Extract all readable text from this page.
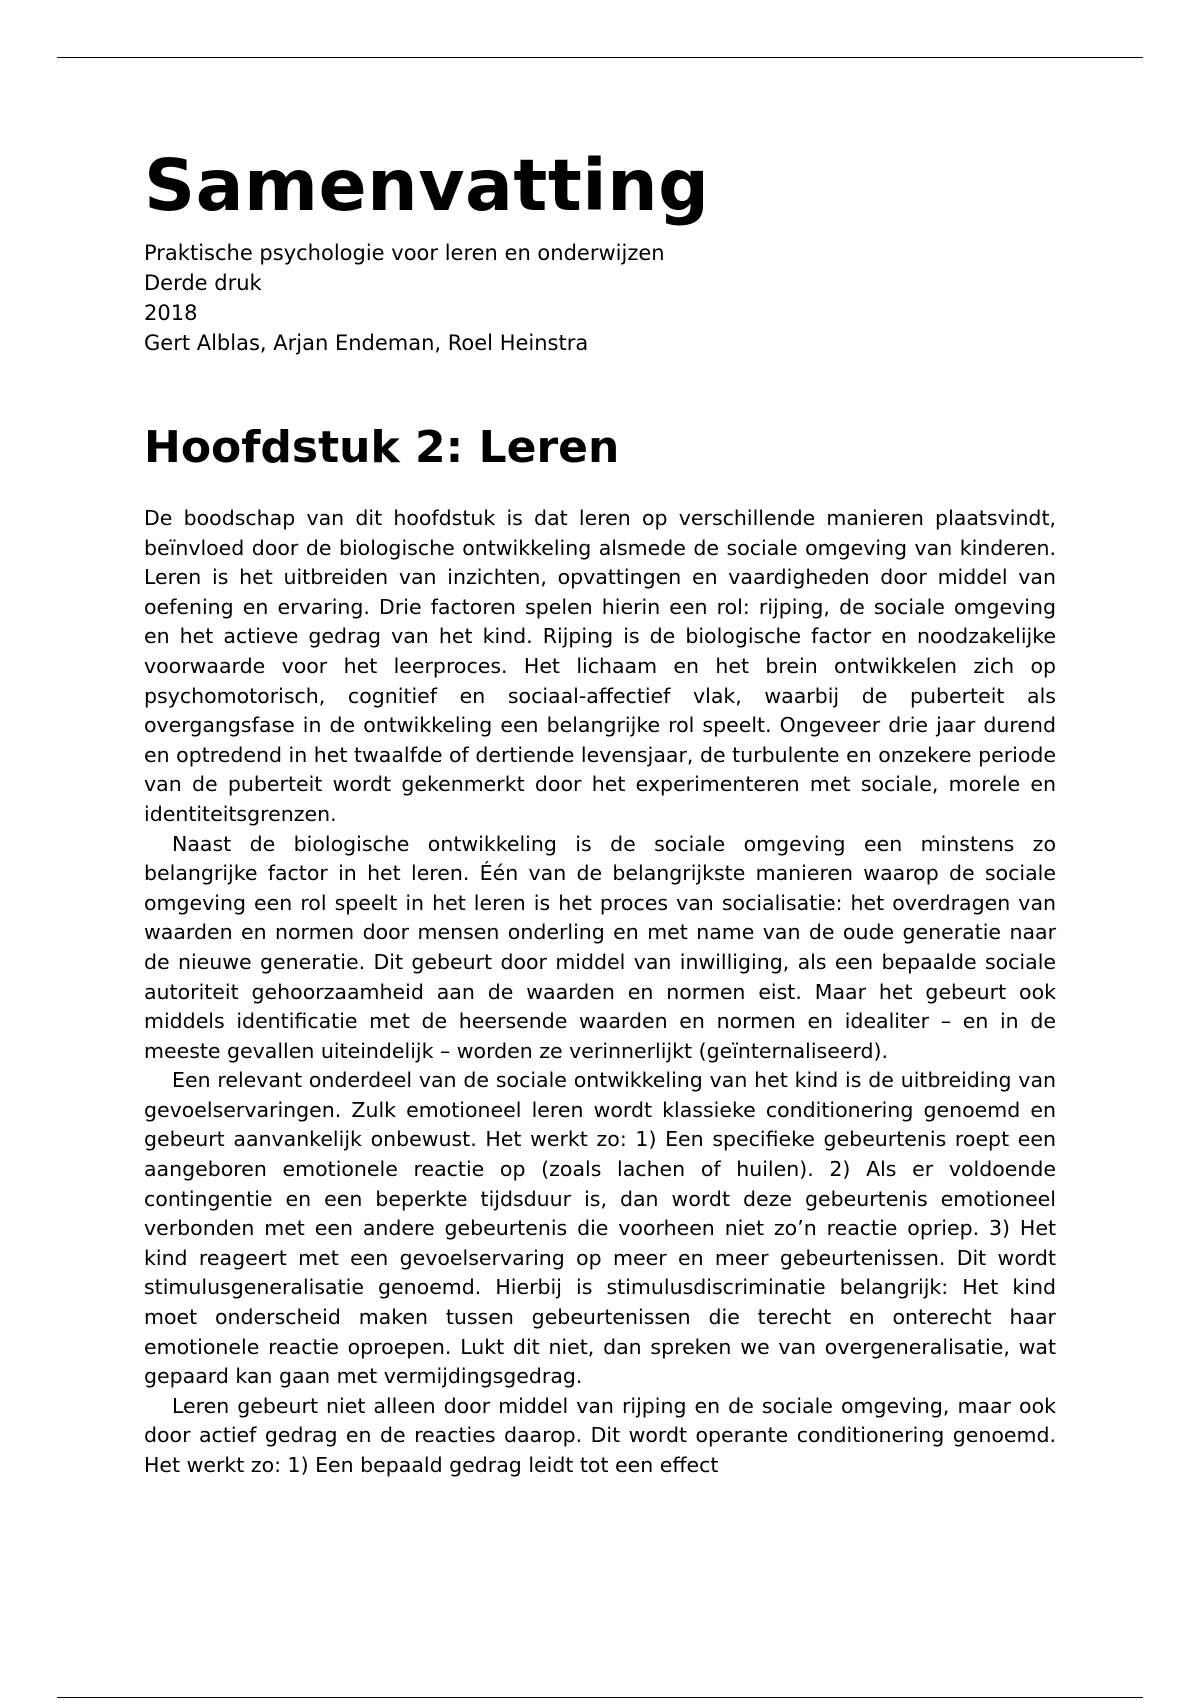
Samenvatting
Praktische psychologie voor leren en onderwijzen
Derde druk
2018
Gert Alblas, Arjan Endeman, Roel Heinstra
Hoofdstuk 2: Leren

De boodschap van dit hoofdstuk is dat leren op verschillende manieren plaatsvindt, beïnvloed door de biologische ontwikkeling alsmede de sociale omgeving van kinderen. Leren is het uitbreiden van inzichten, opvattingen en vaardigheden door middel van oefening en ervaring. Drie factoren spelen hierin een rol: rijping, de sociale omgeving en het actieve gedrag van het kind. Rijping is de biologische factor en noodzakelijke voorwaarde voor het leerproces. Het lichaam en het brein ontwikkelen zich op psychomotorisch, cognitief en sociaal-affectief vlak, waarbij de puberteit als overgangsfase in de ontwikkeling een belangrijke rol speelt. Ongeveer drie jaar durend en optredend in het twaalfde of dertiende levensjaar, de turbulente en onzekere periode van de puberteit wordt gekenmerkt door het experimenteren met sociale, morele en identiteitsgrenzen.

Naast de biologische ontwikkeling is de sociale omgeving een minstens zo belangrijke factor in het leren. Één van de belangrijkste manieren waarop de sociale omgeving een rol speelt in het leren is het proces van socialisatie: het overdragen van waarden en normen door mensen onderling en met name van de oude generatie naar de nieuwe generatie. Dit gebeurt door middel van inwilliging, als een bepaalde sociale autoriteit gehoorzaamheid aan de waarden en normen eist. Maar het gebeurt ook middels identificatie met de heersende waarden en normen en idealiter – en in de meeste gevallen uiteindelijk – worden ze verinnerlijkt (geïnternaliseerd).

Een relevant onderdeel van de sociale ontwikkeling van het kind is de uitbreiding van gevoelservaringen. Zulk emotioneel leren wordt klassieke conditionering genoemd en gebeurt aanvankelijk onbewust. Het werkt zo: 1) Een specifieke gebeurtenis roept een aangeboren emotionele reactie op (zoals lachen of huilen). 2) Als er voldoende contingentie en een beperkte tijdsduur is, dan wordt deze gebeurtenis emotioneel verbonden met een andere gebeurtenis die voorheen niet zo’n reactie opriep. 3) Het kind reageert met een gevoelservaring op meer en meer gebeurtenissen. Dit wordt stimulusgeneralisatie genoemd. Hierbij is stimulusdiscriminatie belangrijk: Het kind moet onderscheid maken tussen gebeurtenissen die terecht en onterecht haar emotionele reactie oproepen. Lukt dit niet, dan spreken we van overgeneralisatie, wat gepaard kan gaan met vermijdingsgedrag.

Leren gebeurt niet alleen door middel van rijping en de sociale omgeving, maar ook door actief gedrag en de reacties daarop. Dit wordt operante conditionering genoemd. Het werkt zo: 1) Een bepaald gedrag leidt tot een effect
